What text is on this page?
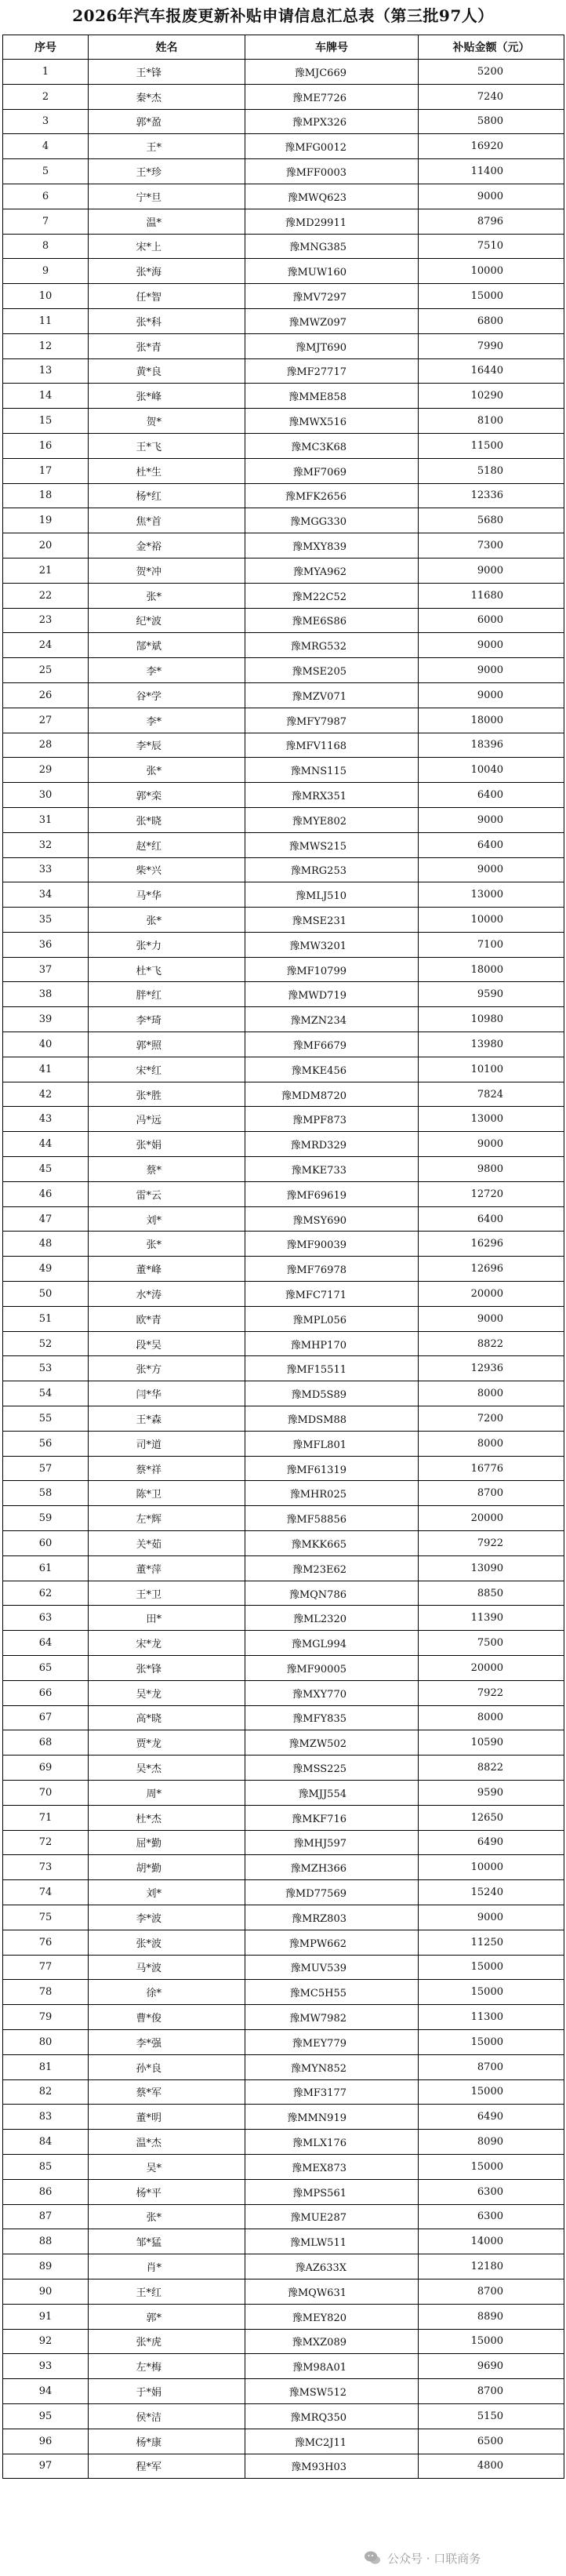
2026年汽车报废更新补贴申请信息汇总表（第三批97人）
序号	姓名	车牌号	补贴金额（元）
1	王*锋	豫MJC669	5200
2	秦*杰	豫ME7726	7240
3	郭*盈	豫MPX326	5800
4	王*	豫MFG0012	16920
5	王*珍	豫MFF0003	11400
6	宁*旦	豫MWQ623	9000
7	温*	豫MD29911	8796
8	宋*上	豫MNG385	7510
9	张*海	豫MUW160	10000
10	任*智	豫MV7297	15000
11	张*科	豫MWZ097	6800
12	张*青	豫MJT690	7990
13	黄*良	豫MF27717	16440
14	张*峰	豫MME858	10290
15	贺*	豫MWX516	8100
16	王*飞	豫MC3K68	11500
17	杜*生	豫MF7069	5180
18	杨*红	豫MFK2656	12336
19	焦*首	豫MGG330	5680
20	金*裕	豫MXY839	7300
21	贺*冲	豫MYA962	9000
22	张*	豫M22C52	11680
23	纪*波	豫ME6S86	6000
24	郜*斌	豫MRG532	9000
25	李*	豫MSE205	9000
26	谷*学	豫MZV071	9000
27	李*	豫MFY7987	18000
28	李*辰	豫MFV1168	18396
29	张*	豫MNS115	10040
30	郭*栾	豫MRX351	6400
31	张*晓	豫MYE802	9000
32	赵*红	豫MWS215	6400
33	柴*兴	豫MRG253	9000
34	马*华	豫MLJ510	13000
35	张*	豫MSE231	10000
36	张*力	豫MW3201	7100
37	杜*飞	豫MF10799	18000
38	胖*红	豫MWD719	9590
39	李*琦	豫MZN234	10980
40	郭*照	豫MF6679	13980
41	宋*红	豫MKE456	10100
42	张*胜	豫MDM8720	7824
43	冯*远	豫MPF873	13000
44	张*娟	豫MRD329	9000
45	蔡*	豫MKE733	9800
46	雷*云	豫MF69619	12720
47	刘*	豫MSY690	6400
48	张*	豫MF90039	16296
49	董*峰	豫MF76978	12696
50	水*涛	豫MFC7171	20000
51	欧*青	豫MPL056	9000
52	段*吴	豫MHP170	8822
53	张*方	豫MF15511	12936
54	闫*华	豫MD5S89	8000
55	王*森	豫MDSM88	7200
56	司*道	豫MFL801	8000
57	蔡*祥	豫MF61319	16776
58	陈*卫	豫MHR025	8700
59	左*辉	豫MF58856	20000
60	关*茹	豫MKK665	7922
61	董*萍	豫M23E62	13090
62	王*卫	豫MQN786	8850
63	田*	豫ML2320	11390
64	宋*龙	豫MGL994	7500
65	张*锋	豫MF90005	20000
66	吴*龙	豫MXY770	7922
67	高*晓	豫MFY835	8000
68	贾*龙	豫MZW502	10590
69	吴*杰	豫MSS225	8822
70	周*	豫MJJ554	9590
71	杜*杰	豫MKF716	12650
72	屈*勤	豫MHJ597	6490
73	胡*勤	豫MZH366	10000
74	刘*	豫MD77569	15240
75	李*波	豫MRZ803	9000
76	张*波	豫MPW662	11250
77	马*波	豫MUV539	15000
78	徐*	豫MC5H55	15000
79	曹*俊	豫MW7982	11300
80	李*强	豫MEY779	15000
81	孙*良	豫MYN852	8700
82	蔡*军	豫MF3177	15000
83	董*明	豫MMN919	6490
84	温*杰	豫MLX176	8090
85	吴*	豫MEX873	15000
86	杨*平	豫MPS561	6300
87	张*	豫MUE287	6300
88	邹*猛	豫MLW511	14000
89	肖*	豫AZ633X	12180
90	王*红	豫MQW631	8700
91	郭*	豫MEY820	8890
92	张*虎	豫MXZ089	15000
93	左*梅	豫M98A01	9690
94	于*娟	豫MSW512	8700
95	侯*洁	豫MRQ350	5150
96	杨*康	豫MC2J11	6500
97	程*军	豫M93H03	4800
公众号 · 口联商务
